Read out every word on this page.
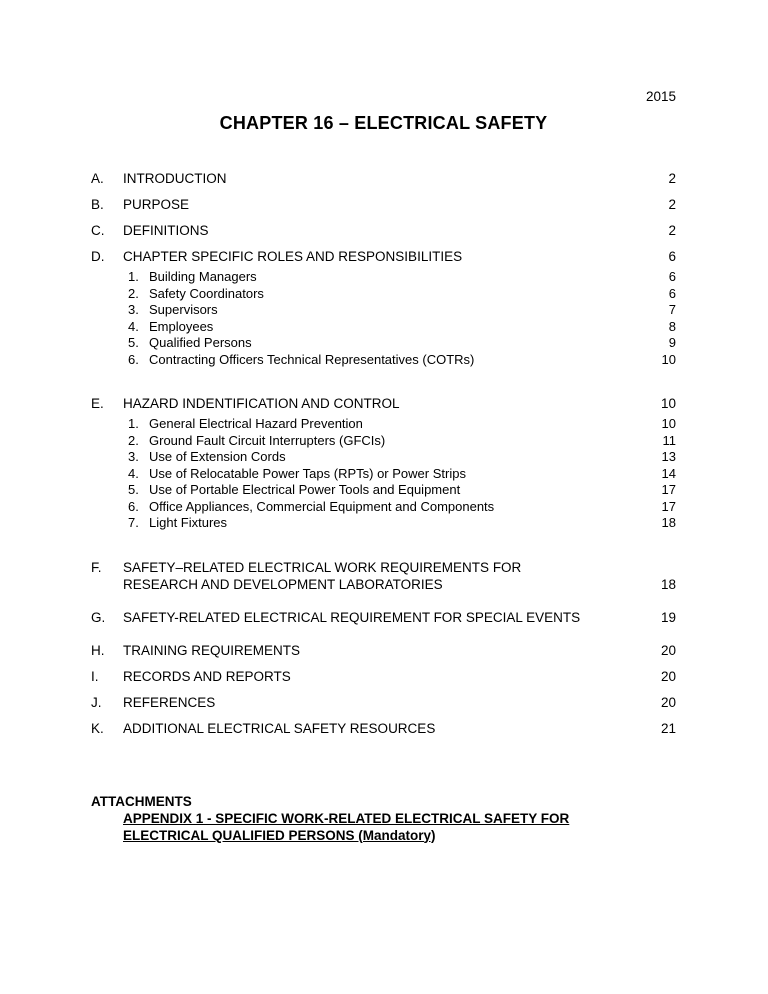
2015
CHAPTER 16 – ELECTRICAL SAFETY
A.	INTRODUCTION	2
B.	PURPOSE	2
C.	DEFINITIONS	2
D.	CHAPTER SPECIFIC ROLES AND RESPONSIBILITIES	6
1. Building Managers	6
2. Safety Coordinators	6
3. Supervisors	7
4. Employees	8
5. Qualified Persons	9
6. Contracting Officers Technical Representatives (COTRs)	10
E.	HAZARD INDENTIFICATION AND CONTROL	10
1. General Electrical Hazard Prevention	10
2. Ground Fault Circuit Interrupters (GFCIs)	11
3. Use of Extension Cords	13
4. Use of Relocatable Power Taps (RPTs) or Power Strips	14
5. Use of Portable Electrical Power Tools and Equipment	17
6. Office Appliances, Commercial Equipment and Components	17
7. Light Fixtures	18
F.	SAFETY–RELATED ELECTRICAL WORK REQUIREMENTS FOR RESEARCH AND DEVELOPMENT LABORATORIES	18
G.	SAFETY-RELATED ELECTRICAL REQUIREMENT FOR SPECIAL EVENTS	19
H.	TRAINING REQUIREMENTS	20
I.	RECORDS AND REPORTS	20
J.	REFERENCES	20
K.	ADDITIONAL ELECTRICAL SAFETY RESOURCES	21
ATTACHMENTS
APPENDIX 1 - SPECIFIC WORK-RELATED ELECTRICAL SAFETY FOR ELECTRICAL QUALIFIED PERSONS (Mandatory)
